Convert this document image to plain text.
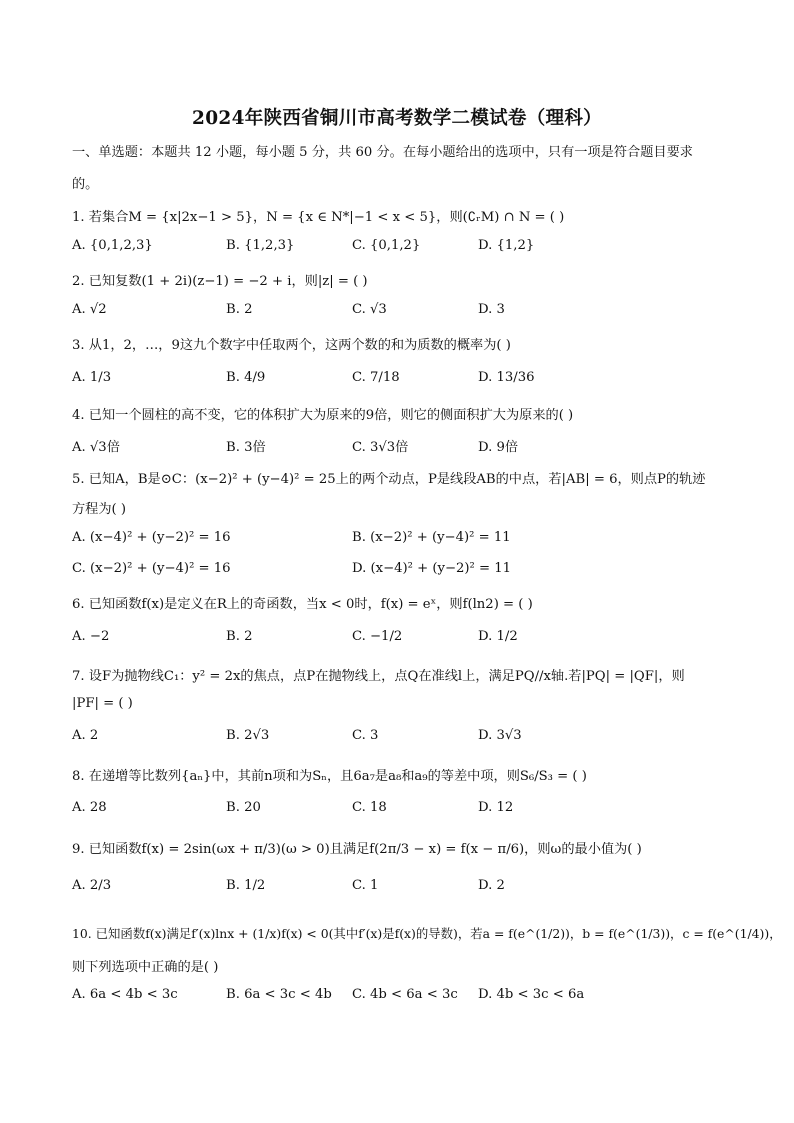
2024年陕西省铜川市高考数学二模试卷（理科）
一、单选题：本题共 12 小题，每小题 5 分，共 60 分。在每小题给出的选项中，只有一项是符合题目要求
的。
1. 若集合M = {x|2x−1 > 5}，N = {x ∈ N*|−1 < x < 5}，则(∁ᵣM) ∩ N = ( )
A. {0,1,2,3}	B. {1,2,3}	C. {0,1,2}	D. {1,2}
2. 已知复数(1 + 2i)(z−1) = −2 + i，则|z| = ( )
A. √2	B. 2	C. √3	D. 3
3. 从1，2，…，9这九个数字中任取两个，这两个数的和为质数的概率为( )
A. 1/3	B. 4/9	C. 7/18	D. 13/36
4. 已知一个圆柱的高不变，它的体积扩大为原来的9倍，则它的侧面积扩大为原来的( )
A. √3倍	B. 3倍	C. 3√3倍	D. 9倍
5. 已知A，B是⊙C：(x−2)² + (y−4)² = 25上的两个动点，P是线段AB的中点，若|AB| = 6，则点P的轨迹
方程为( )
A. (x−4)² + (y−2)² = 16	B. (x−2)² + (y−4)² = 11
C. (x−2)² + (y−4)² = 16	D. (x−4)² + (y−2)² = 11
6. 已知函数f(x)是定义在R上的奇函数，当x < 0时，f(x) = eˣ，则f(ln2) = ( )
A. −2	B. 2	C. −1/2	D. 1/2
7. 设F为抛物线C₁：y² = 2x的焦点，点P在抛物线上，点Q在准线l上，满足PQ//x轴.若|PQ| = |QF|，则
|PF| = ( )
A. 2	B. 2√3	C. 3	D. 3√3
8. 在递增等比数列{aₙ}中，其前n项和为Sₙ，且6a₇是a₈和a₉的等差中项，则S₆/S₃ = ( )
A. 28	B. 20	C. 18	D. 12
9. 已知函数f(x) = 2sin(ωx + π/3)(ω > 0)且满足f(2π/3 − x) = f(x − π/6)，则ω的最小值为( )
A. 2/3	B. 1/2	C. 1	D. 2
10. 已知函数f(x)满足f′(x)lnx + (1/x)f(x) < 0(其中f′(x)是f(x)的导数)，若a = f(e^(1/2))，b = f(e^(1/3))，c = f(e^(1/4))，
则下列选项中正确的是( )
A. 6a < 4b < 3c	B. 6a < 3c < 4b C. 4b < 6a < 3c D. 4b < 3c < 6a
